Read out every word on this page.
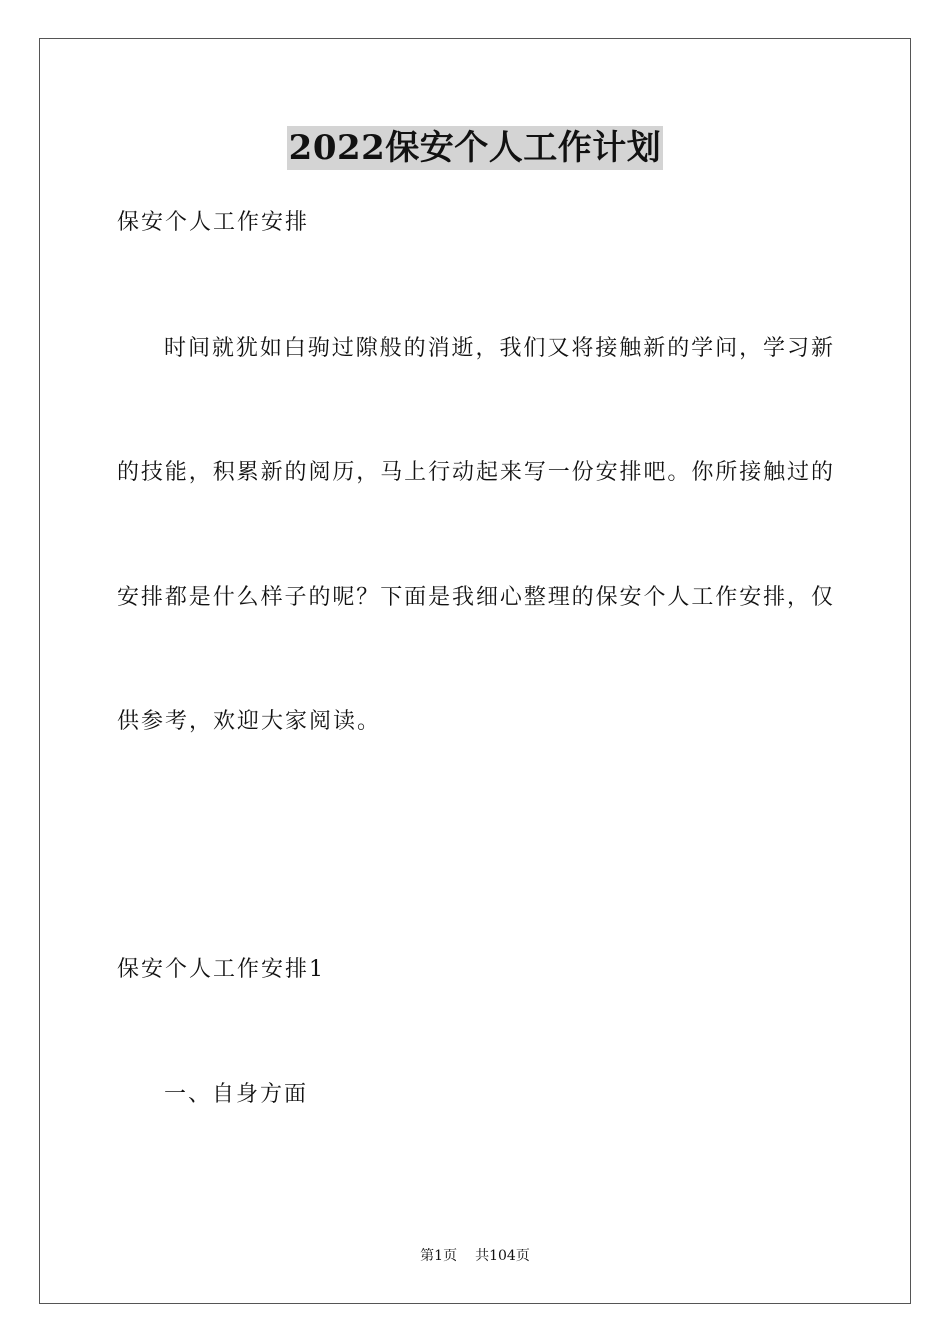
2022保安个人工作计划
保安个人工作安排
时间就犹如白驹过隙般的消逝，我们又将接触新的学问，学习新
的技能，积累新的阅历，马上行动起来写一份安排吧。你所接触过的
安排都是什么样子的呢？下面是我细心整理的保安个人工作安排，仅
供参考，欢迎大家阅读。
保安个人工作安排1
一、自身方面
第1页 共104页
